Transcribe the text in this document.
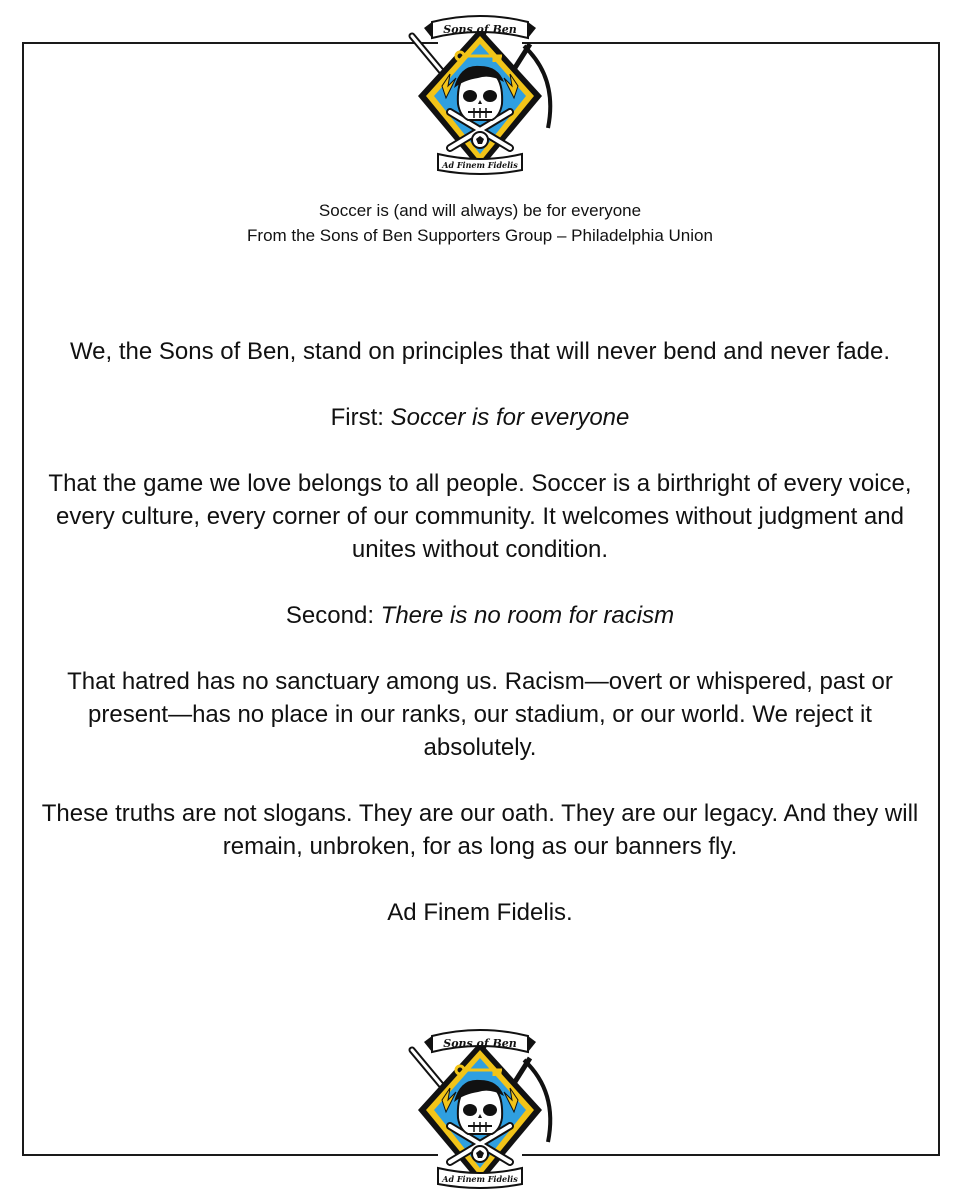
Sons of Ben
Ad Finem Fidelis
Soccer is (and will always) be for everyone
From the Sons of Ben Supporters Group – Philadelphia Union

We, the Sons of Ben, stand on principles that will never bend and never fade.

First: Soccer is for everyone

That the game we love belongs to all people. Soccer is a birthright of every voice, every culture, every corner of our community. It welcomes without judgment and unites without condition.

Second: There is no room for racism

That hatred has no sanctuary among us. Racism—overt or whispered, past or present—has no place in our ranks, our stadium, or our world. We reject it absolutely.

These truths are not slogans. They are our oath. They are our legacy. And they will remain, unbroken, for as long as our banners fly.

Ad Finem Fidelis.

Sons of Ben
Ad Finem Fidelis
